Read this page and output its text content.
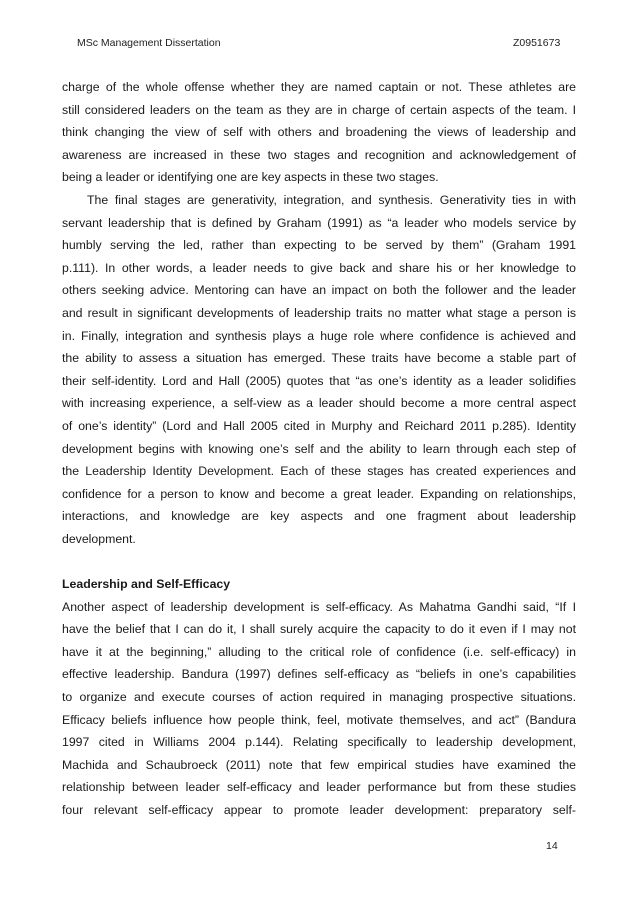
MSc Management Dissertation	Z0951673
charge of the whole offense whether they are named captain or not. These athletes are
still considered leaders on the team as they are in charge of certain aspects of the team. I
think changing the view of self with others and broadening the views of leadership and
awareness are increased in these two stages and recognition and acknowledgement of
being a leader or identifying one are key aspects in these two stages.
The final stages are generativity, integration, and synthesis. Generativity ties in with
servant leadership that is defined by Graham (1991) as “a leader who models service by
humbly serving the led, rather than expecting to be served by them” (Graham 1991
p.111). In other words, a leader needs to give back and share his or her knowledge to
others seeking advice. Mentoring can have an impact on both the follower and the leader
and result in significant developments of leadership traits no matter what stage a person is
in. Finally, integration and synthesis plays a huge role where confidence is achieved and
the ability to assess a situation has emerged. These traits have become a stable part of
their self-identity. Lord and Hall (2005) quotes that “as one’s identity as a leader solidifies
with increasing experience, a self-view as a leader should become a more central aspect
of one’s identity” (Lord and Hall 2005 cited in Murphy and Reichard 2011 p.285). Identity
development begins with knowing one’s self and the ability to learn through each step of
the Leadership Identity Development. Each of these stages has created experiences and
confidence for a person to know and become a great leader. Expanding on relationships,
interactions, and knowledge are key aspects and one fragment about leadership
development.
Leadership and Self-Efficacy
Another aspect of leadership development is self-efficacy. As Mahatma Gandhi said, “If I
have the belief that I can do it, I shall surely acquire the capacity to do it even if I may not
have it at the beginning,” alluding to the critical role of confidence (i.e. self-efficacy) in
effective leadership. Bandura (1997) defines self-efficacy as “beliefs in one’s capabilities
to organize and execute courses of action required in managing prospective situations.
Efficacy beliefs influence how people think, feel, motivate themselves, and act” (Bandura
1997 cited in Williams 2004 p.144). Relating specifically to leadership development,
Machida and Schaubroeck (2011) note that few empirical studies have examined the
relationship between leader self-efficacy and leader performance but from these studies
four relevant self-efficacy appear to promote leader development: preparatory self-
14
